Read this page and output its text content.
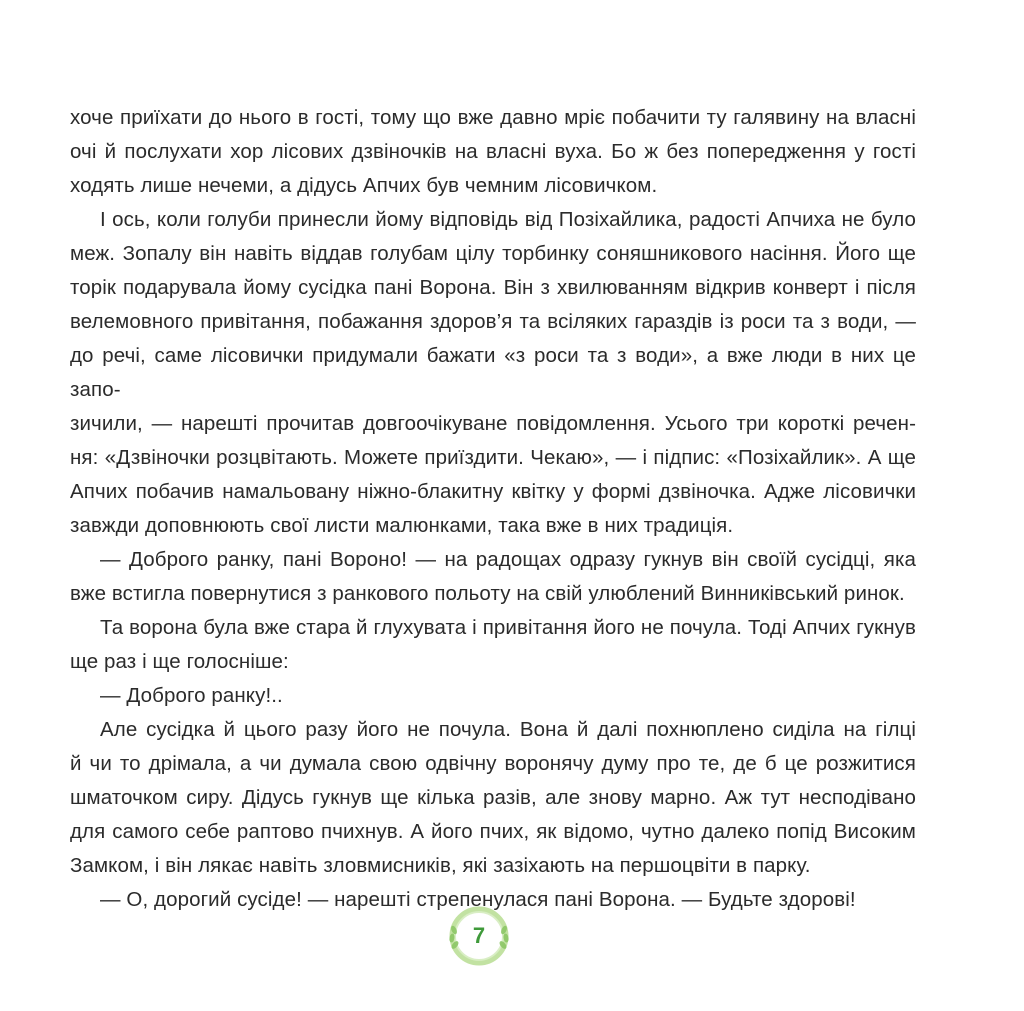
хоче приїхати до нього в гості, тому що вже давно мріє побачити ту галявину на власні
очі й послухати хор лісових дзвіночків на власні вуха. Бо ж без попередження у гості
ходять лише нечеми, а дідусь Апчих був чемним лісовичком.

І ось, коли голуби принесли йому відповідь від Позіхайлика, радості Апчиха не було
меж. Зопалу він навіть віддав голубам цілу торбинку соняшникового насіння. Його ще
торік подарувала йому сусідка пані Ворона. Він з хвилюванням відкрив конверт і після
велемовного привітання, побажання здоров’я та всіляких гараздів із роси та з води, —
до речі, саме лісовички придумали бажати «з роси та з води», а вже люди в них це запо-
зичили, — нарешті прочитав довгоочікуване повідомлення. Усього три короткі речен-
ня: «Дзвіночки розцвітають. Можете приїздити. Чекаю», — і підпис: «Позіхайлик». А ще
Апчих побачив намальовану ніжно-блакитну квітку у формі дзвіночка. Адже лісовички
завжди доповнюють свої листи малюнками, така вже в них традиція.

— Доброго ранку, пані Вороно! — на радощах одразу гукнув він своїй сусідці, яка
вже встигла повернутися з ранкового польоту на свій улюблений Винниківський ринок.

Та ворона була вже стара й глухувата і привітання його не почула. Тоді Апчих гукнув
ще раз і ще голосніше:

— Доброго ранку!..

Але сусідка й цього разу його не почула. Вона й далі похнюплено сиділа на гілці
й чи то дрімала, а чи думала свою одвічну воронячу думу про те, де б це розжитися
шматочком сиру. Дідусь гукнув ще кілька разів, але знову марно. Аж тут несподівано
для самого себе раптово пчихнув. А його пчих, як відомо, чутно далеко попід Високим
Замком, і він лякає навіть зловмисників, які зазіхають на першоцвіти в парку.

— О, дорогий сусіде! — нарешті стрепенулася пані Ворона. — Будьте здорові!

7
